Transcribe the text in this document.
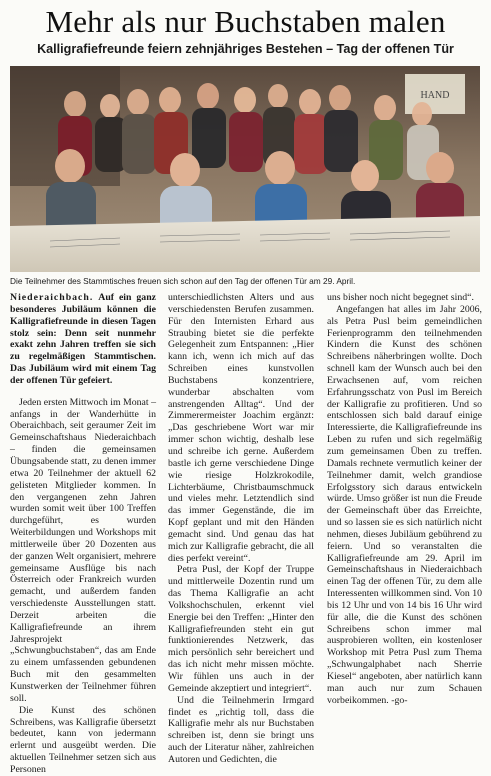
Mehr als nur Buchstaben malen
Kalligrafiefreunde feiern zehnjähriges Bestehen – Tag der offenen Tür
HAND
Die Teilnehmer des Stammtisches freuen sich schon auf den Tag der offenen Tür am 29. April.

Niederaichbach. Auf ein ganz besonderes Jubiläum können die Kalligrafiefreunde in diesen Tagen stolz sein: Denn seit nunmehr exakt zehn Jahren treffen sie sich zu regelmäßigen Stammtischen. Das Jubiläum wird mit einem Tag der offenen Tür gefeiert.

Jeden ersten Mittwoch im Monat – anfangs in der Wanderhütte in Oberaichbach, seit geraumer Zeit im Gemeinschaftshaus Niederaichbach – finden die gemeinsamen Übungsabende statt, zu denen immer etwa 20 Teilnehmer der aktuell 62 gelisteten Mitglieder kommen. In den vergangenen zehn Jahren wurden somit weit über 100 Treffen durchgeführt, es wurden Weiterbildungen und Workshops mit mittlerweile über 20 Dozenten aus der ganzen Welt organisiert, mehrere gemeinsame Ausflüge bis nach Österreich oder Frankreich wurden gemacht, und außerdem fanden verschiedenste Ausstellungen statt. Derzeit arbeiten die Kalligrafiefreunde an ihrem Jahresprojekt „Schwungbuchstaben“, das am Ende zu einem umfassenden gebundenen Buch mit den gesammelten Kunstwerken der Teilnehmer führen soll.

Die Kunst des schönen Schreibens, was Kalligrafie übersetzt bedeutet, kann von jedermann erlernt und ausgeübt werden. Die aktuellen Teilnehmer setzen sich aus Personen

unterschiedlichsten Alters und aus verschiedensten Berufen zusammen. Für den Internisten Erhard aus Straubing bietet sie die perfekte Gelegenheit zum Entspannen: „Hier kann ich, wenn ich mich auf das Schreiben eines kunstvollen Buchstabens konzentriere, wunderbar abschalten vom anstrengenden Alltag“. Und der Zimmerermeister Joachim ergänzt: „Das geschriebene Wort war mir immer schon wichtig, deshalb lese und schreibe ich gerne. Außerdem bastle ich gerne verschiedene Dinge wie riesige Holzkrokodile, Lichterbäume, Christbaumschmuck und vieles mehr. Letztendlich sind das immer Gegenstände, die im Kopf geplant und mit den Händen gemacht sind. Und genau das hat mich zur Kalligrafie gebracht, die all dies perfekt vereint“.

Petra Pusl, der Kopf der Truppe und mittlerweile Dozentin rund um das Thema Kalligrafie an acht Volkshochschulen, erkennt viel Energie bei den Treffen: „Hinter den Kalligrafiefreunden steht ein gut funktionierendes Netzwerk, das mich persönlich sehr bereichert und das ich nicht mehr missen möchte. Wir fühlen uns auch in der Gemeinde akzeptiert und integriert“.

Und die Teilnehmerin Irmgard findet es „richtig toll, dass die Kalligrafie mehr als nur Buchstaben schreiben ist, denn sie bringt uns auch der Literatur näher, zahlreichen Autoren und Gedichten, die

uns bisher noch nicht begegnet sind“.

Angefangen hat alles im Jahr 2006, als Petra Pusl beim gemeindlichen Ferienprogramm den teilnehmenden Kindern die Kunst des schönen Schreibens näherbringen wollte. Doch schnell kam der Wunsch auch bei den Erwachsenen auf, vom reichen Erfahrungsschatz von Pusl im Bereich der Kalligrafie zu profitieren. Und so entschlossen sich bald darauf einige Interessierte, die Kalligrafiefreunde ins Leben zu rufen und sich regelmäßig zum gemeinsamen Üben zu treffen. Damals rechnete vermutlich keiner der Teilnehmer damit, welch grandiose Erfolgsstory sich daraus entwickeln würde. Umso größer ist nun die Freude der Gemeinschaft über das Erreichte, und so lassen sie es sich natürlich nicht nehmen, dieses Jubiläum gebührend zu feiern. Und so veranstalten die Kalligrafiefreunde am 29. April im Gemeinschaftshaus in Niederaichbach einen Tag der offenen Tür, zu dem alle Interessenten willkommen sind. Von 10 bis 12 Uhr und von 14 bis 16 Uhr wird für alle, die die Kunst des schönen Schreibens schon immer mal ausprobieren wollten, ein kostenloser Workshop mit Petra Pusl zum Thema „Schwungalphabet nach Sherrie Kiesel“ angeboten, aber natürlich kann man auch nur zum Schauen vorbeikommen. -go-
